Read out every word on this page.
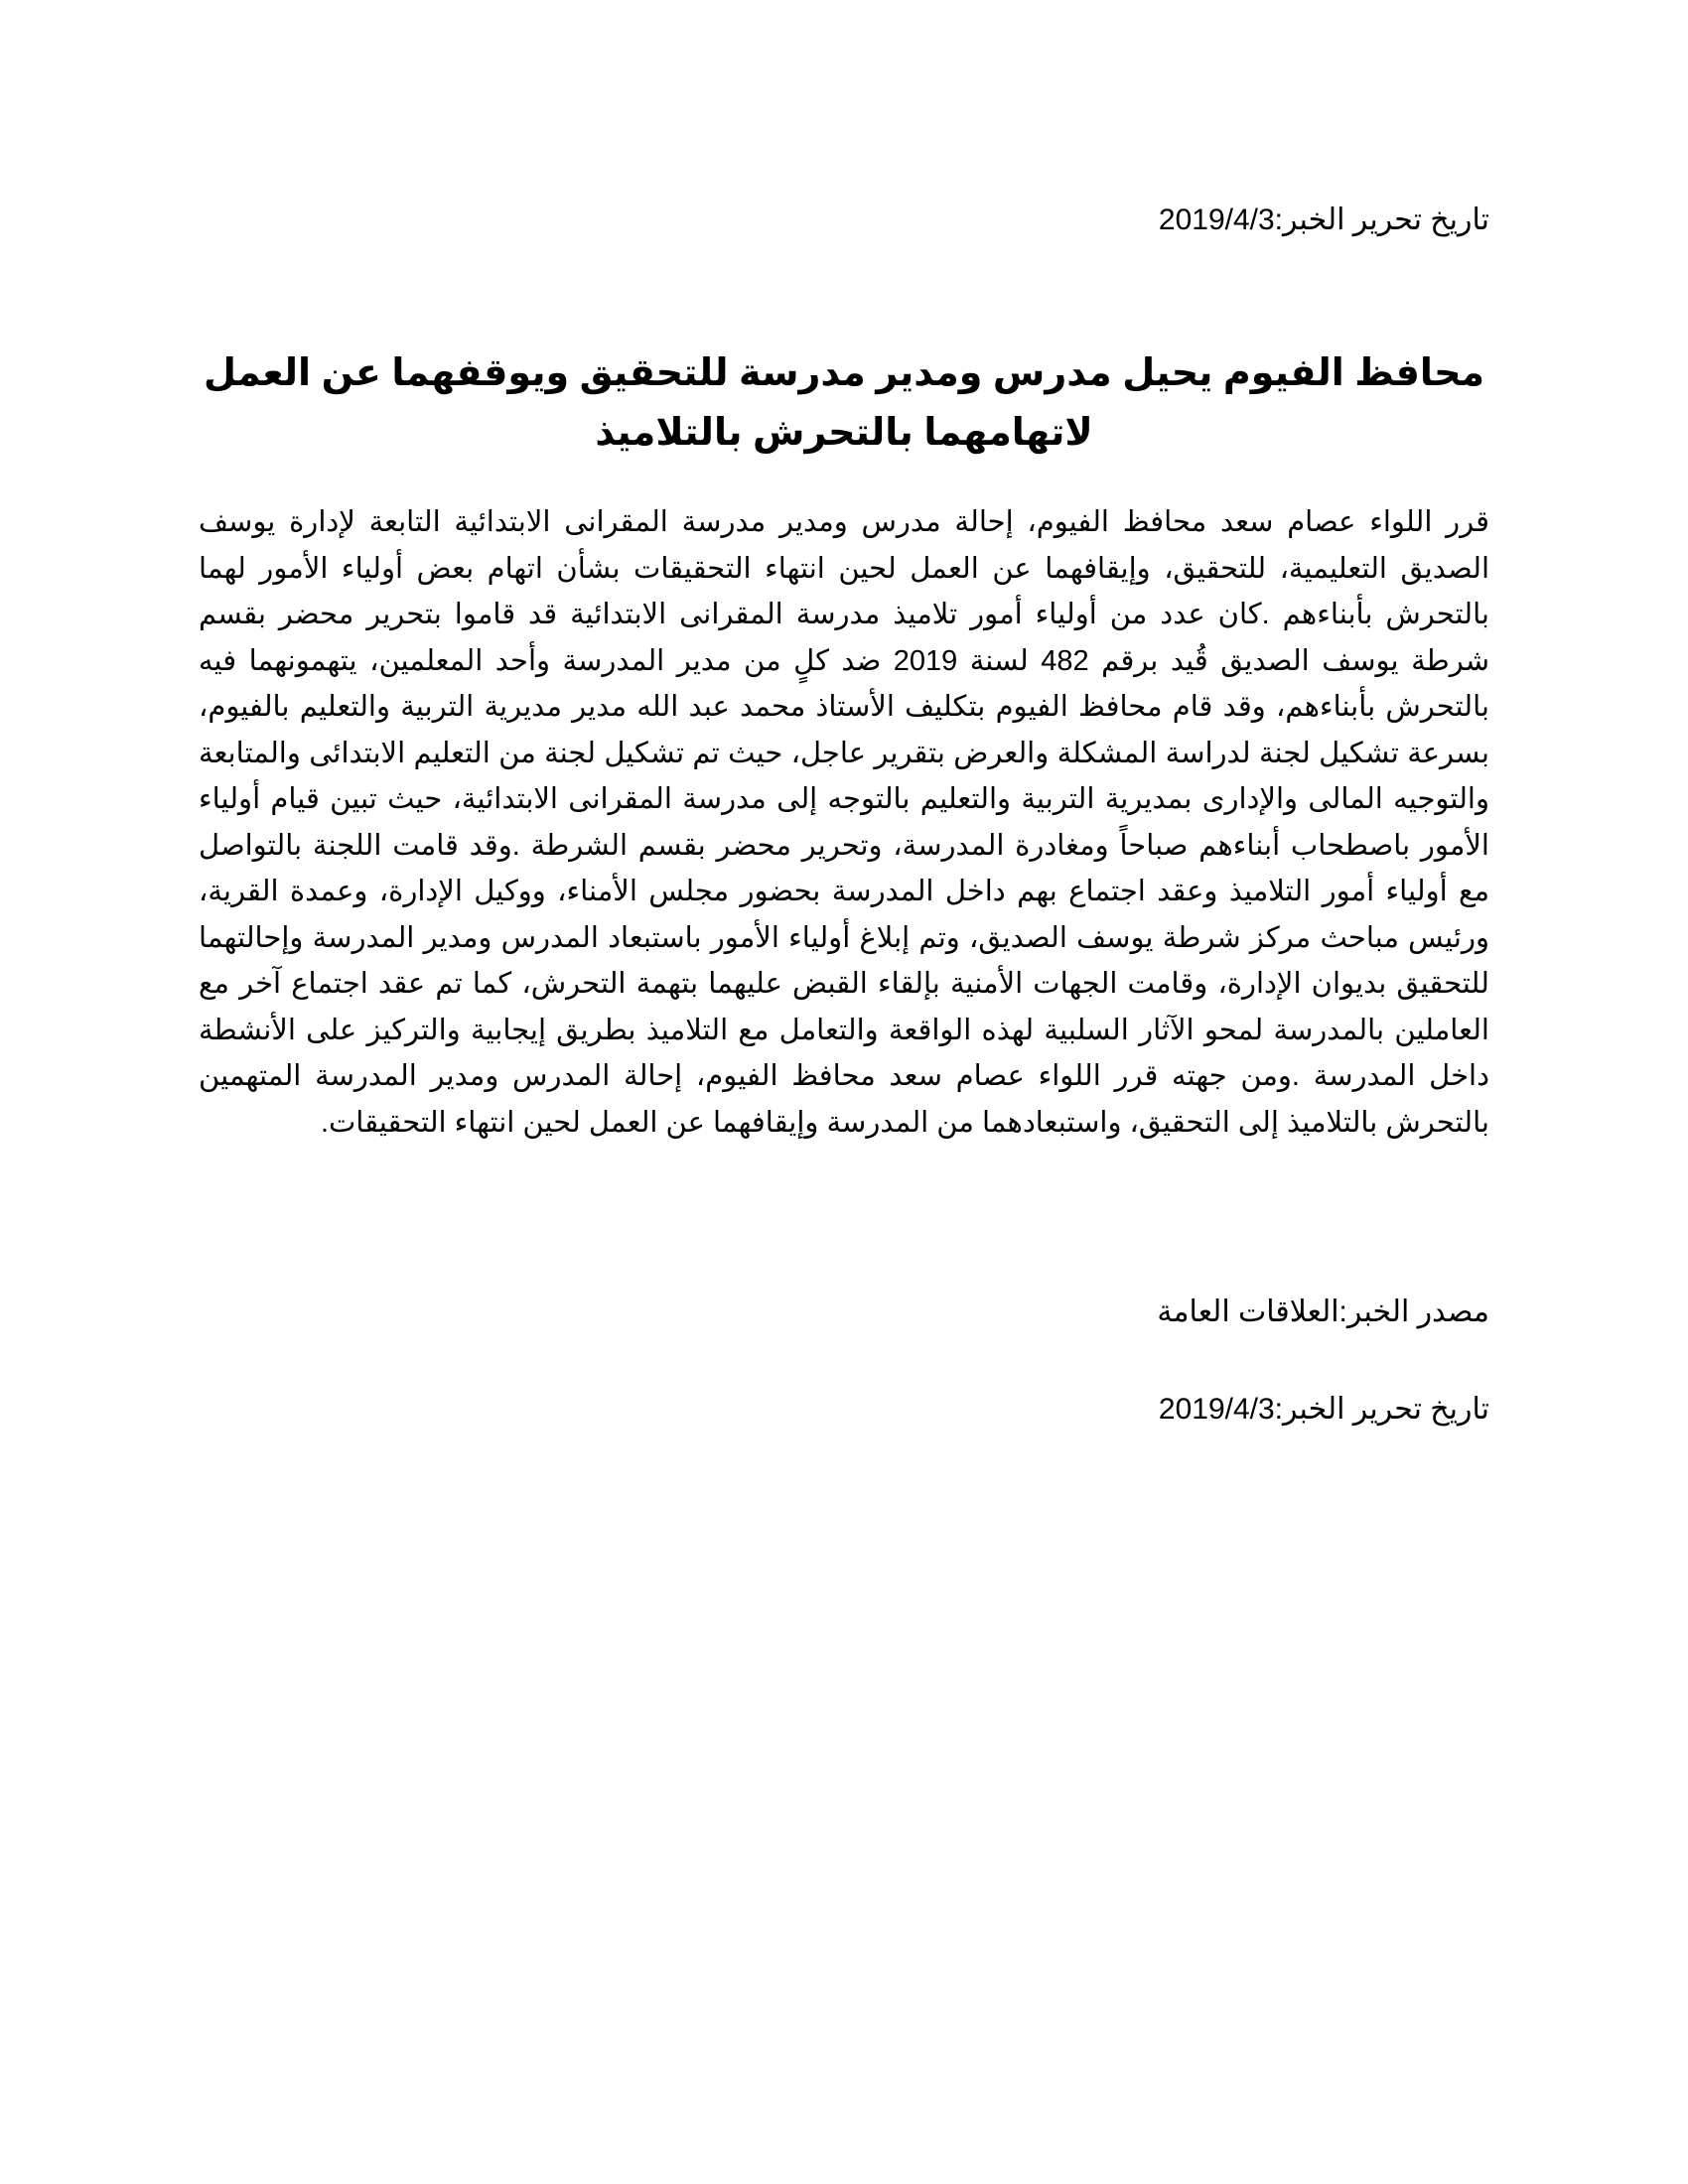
تاريخ تحرير الخبر:2019/4/3
محافظ الفيوم يحيل مدرس ومدير مدرسة للتحقيق ويوقفهما عن العمل لاتهامهما بالتحرش بالتلاميذ
قرر اللواء عصام سعد محافظ الفيوم، إحالة مدرس ومدير مدرسة المقرانى الابتدائية التابعة لإدارة يوسف الصديق التعليمية، للتحقيق، وإيقافهما عن العمل لحين انتهاء التحقيقات بشأن اتهام بعض أولياء الأمور لهما بالتحرش بأبناءهم .كان عدد من أولياء أمور تلاميذ مدرسة المقرانى الابتدائية قد قاموا بتحرير محضر بقسم شرطة يوسف الصديق قُيد برقم 482 لسنة 2019 ضد كلٍ من مدير المدرسة وأحد المعلمين، يتهمونهما فيه بالتحرش بأبناءهم، وقد قام محافظ الفيوم بتكليف الأستاذ محمد عبد الله مدير مديرية التربية والتعليم بالفيوم، بسرعة تشكيل لجنة لدراسة المشكلة والعرض بتقرير عاجل، حيث تم تشكيل لجنة من التعليم الابتدائى والمتابعة والتوجيه المالى والإدارى بمديرية التربية والتعليم بالتوجه إلى مدرسة المقرانى الابتدائية، حيث تبين قيام أولياء الأمور باصطحاب أبناءهم صباحاً ومغادرة المدرسة، وتحرير محضر بقسم الشرطة .وقد قامت اللجنة بالتواصل مع أولياء أمور التلاميذ وعقد اجتماع بهم داخل المدرسة بحضور مجلس الأمناء، ووكيل الإدارة، وعمدة القرية، ورئيس مباحث مركز شرطة يوسف الصديق، وتم إبلاغ أولياء الأمور باستبعاد المدرس ومدير المدرسة وإحالتهما للتحقيق بديوان الإدارة، وقامت الجهات الأمنية بإلقاء القبض عليهما بتهمة التحرش، كما تم عقد اجتماع آخر مع العاملين بالمدرسة لمحو الآثار السلبية لهذه الواقعة والتعامل مع التلاميذ بطريق إيجابية والتركيز على الأنشطة داخل المدرسة .ومن جهته قرر اللواء عصام سعد محافظ الفيوم، إحالة المدرس ومدير المدرسة المتهمين بالتحرش بالتلاميذ إلى التحقيق، واستبعادهما من المدرسة وإيقافهما عن العمل لحين انتهاء التحقيقات.
مصدر الخبر:العلاقات العامة
تاريخ تحرير الخبر:2019/4/3
